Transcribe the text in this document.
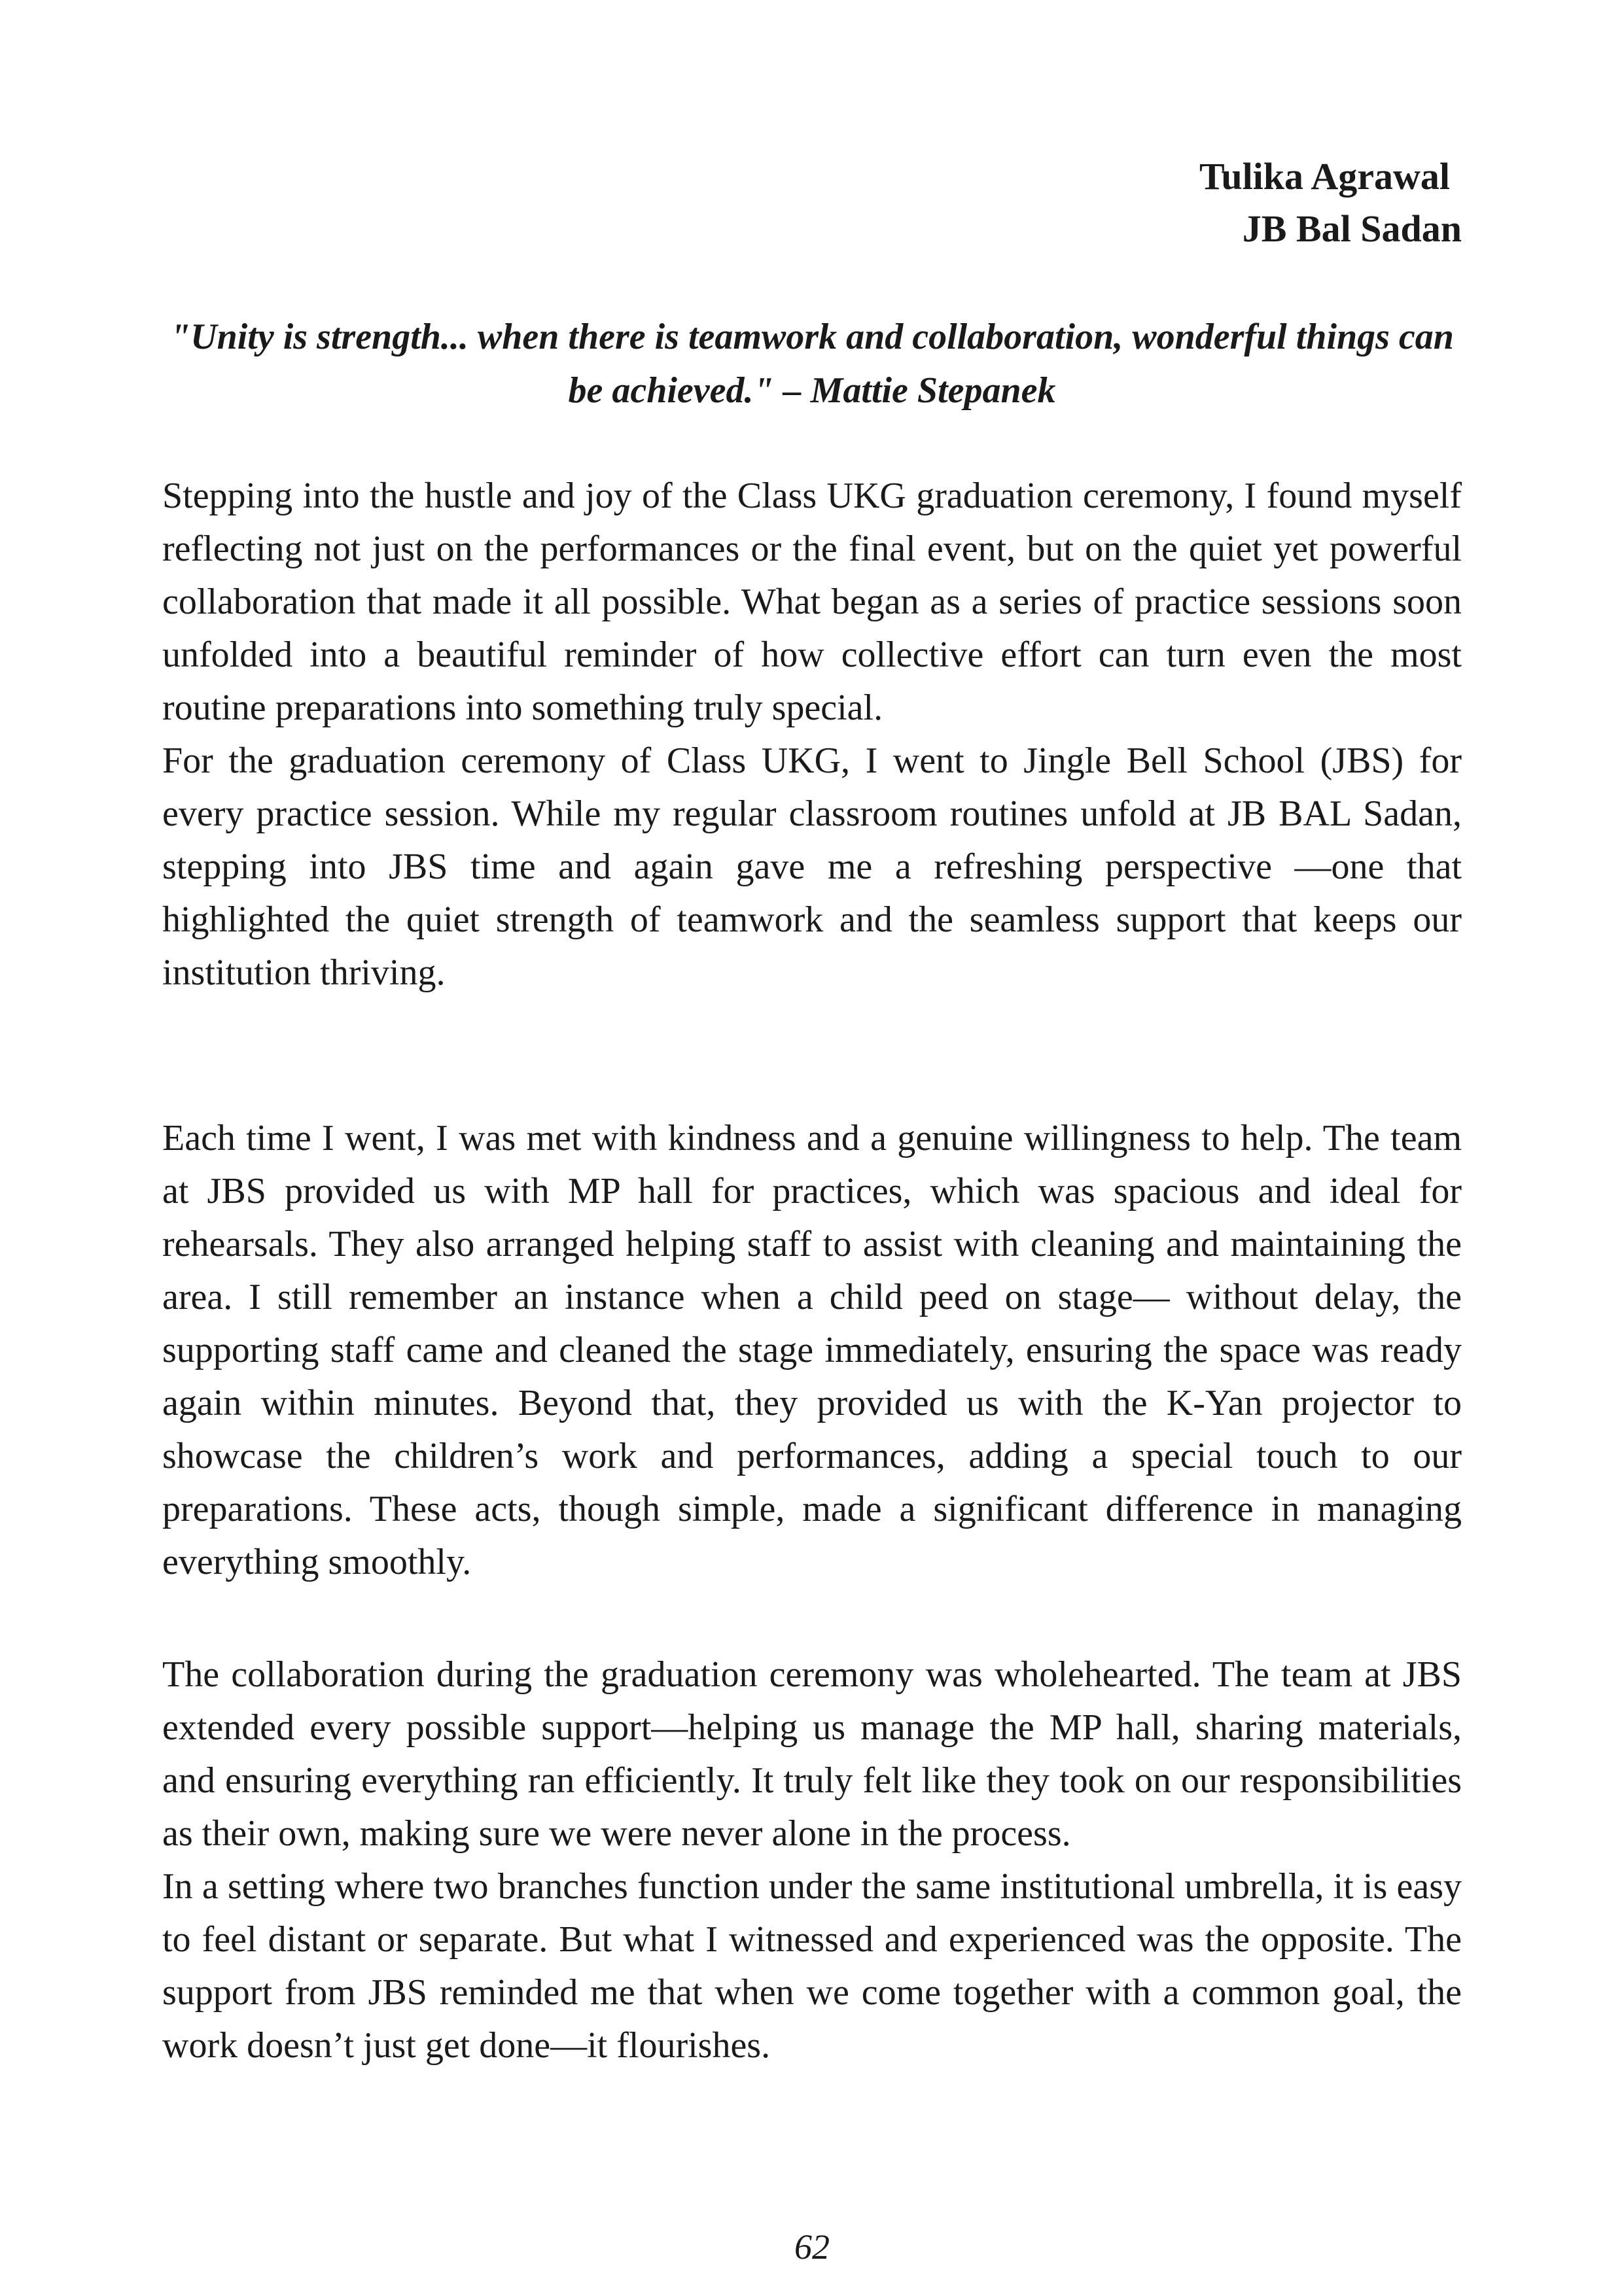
Tulika Agrawal
JB Bal Sadan
"Unity is strength... when there is teamwork and collaboration, wonderful things can be achieved." – Mattie Stepanek

Stepping into the hustle and joy of the Class UKG graduation ceremony, I found myself reflecting not just on the performances or the final event, but on the quiet yet powerful collaboration that made it all possible. What began as a series of practice sessions soon unfolded into a beautiful reminder of how collective effort can turn even the most routine preparations into something truly special.

For the graduation ceremony of Class UKG, I went to Jingle Bell School (JBS) for every practice session. While my regular classroom routines unfold at JB BAL Sadan, stepping into JBS time and again gave me a refreshing perspective —one that highlighted the quiet strength of teamwork and the seamless support that keeps our institution thriving.

Each time I went, I was met with kindness and a genuine willingness to help. The team at JBS provided us with MP hall for practices, which was spacious and ideal for rehearsals. They also arranged helping staff to assist with cleaning and maintaining the area. I still remember an instance when a child peed on stage— without delay, the supporting staff came and cleaned the stage immediately, ensuring the space was ready again within minutes. Beyond that, they provided us with the K-Yan projector to showcase the children’s work and performances, adding a special touch to our preparations. These acts, though simple, made a significant difference in managing everything smoothly.

The collaboration during the graduation ceremony was wholehearted. The team at JBS extended every possible support—helping us manage the MP hall, sharing materials, and ensuring everything ran efficiently. It truly felt like they took on our responsibilities as their own, making sure we were never alone in the process.

In a setting where two branches function under the same institutional umbrella, it is easy to feel distant or separate. But what I witnessed and experienced was the opposite. The support from JBS reminded me that when we come together with a common goal, the work doesn’t just get done—it flourishes.

62
